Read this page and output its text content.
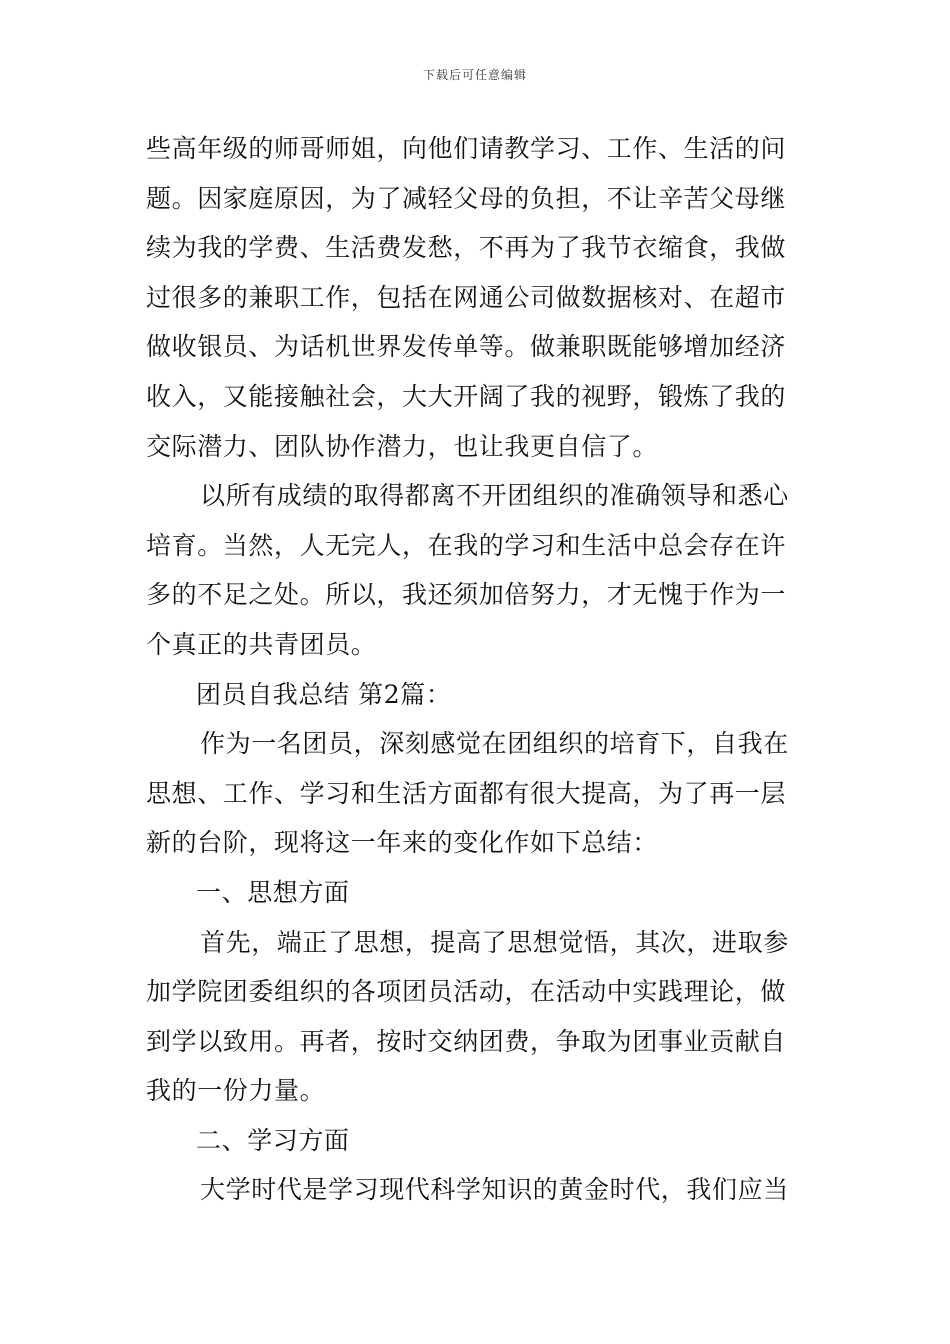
下载后可任意编辑
些高年级的师哥师姐，向他们请教学习、工作、生活的问
题。因家庭原因，为了减轻父母的负担，不让辛苦父母继
续为我的学费、生活费发愁，不再为了我节衣缩食，我做
过很多的兼职工作，包括在网通公司做数据核对、在超市
做收银员、为话机世界发传单等。做兼职既能够增加经济
收入，又能接触社会，大大开阔了我的视野，锻炼了我的
交际潜力、团队协作潜力，也让我更自信了。
以所有成绩的取得都离不开团组织的准确领导和悉心
培育。当然，人无完人，在我的学习和生活中总会存在许
多的不足之处。所以，我还须加倍努力，才无愧于作为一
个真正的共青团员。
团员自我总结 第2篇：
作为一名团员，深刻感觉在团组织的培育下，自我在
思想、工作、学习和生活方面都有很大提高，为了再一层
新的台阶，现将这一年来的变化作如下总结：
一、思想方面
首先，端正了思想，提高了思想觉悟，其次，进取参
加学院团委组织的各项团员活动，在活动中实践理论，做
到学以致用。再者，按时交纳团费，争取为团事业贡献自
我的一份力量。
二、学习方面
大学时代是学习现代科学知识的黄金时代，我们应当
